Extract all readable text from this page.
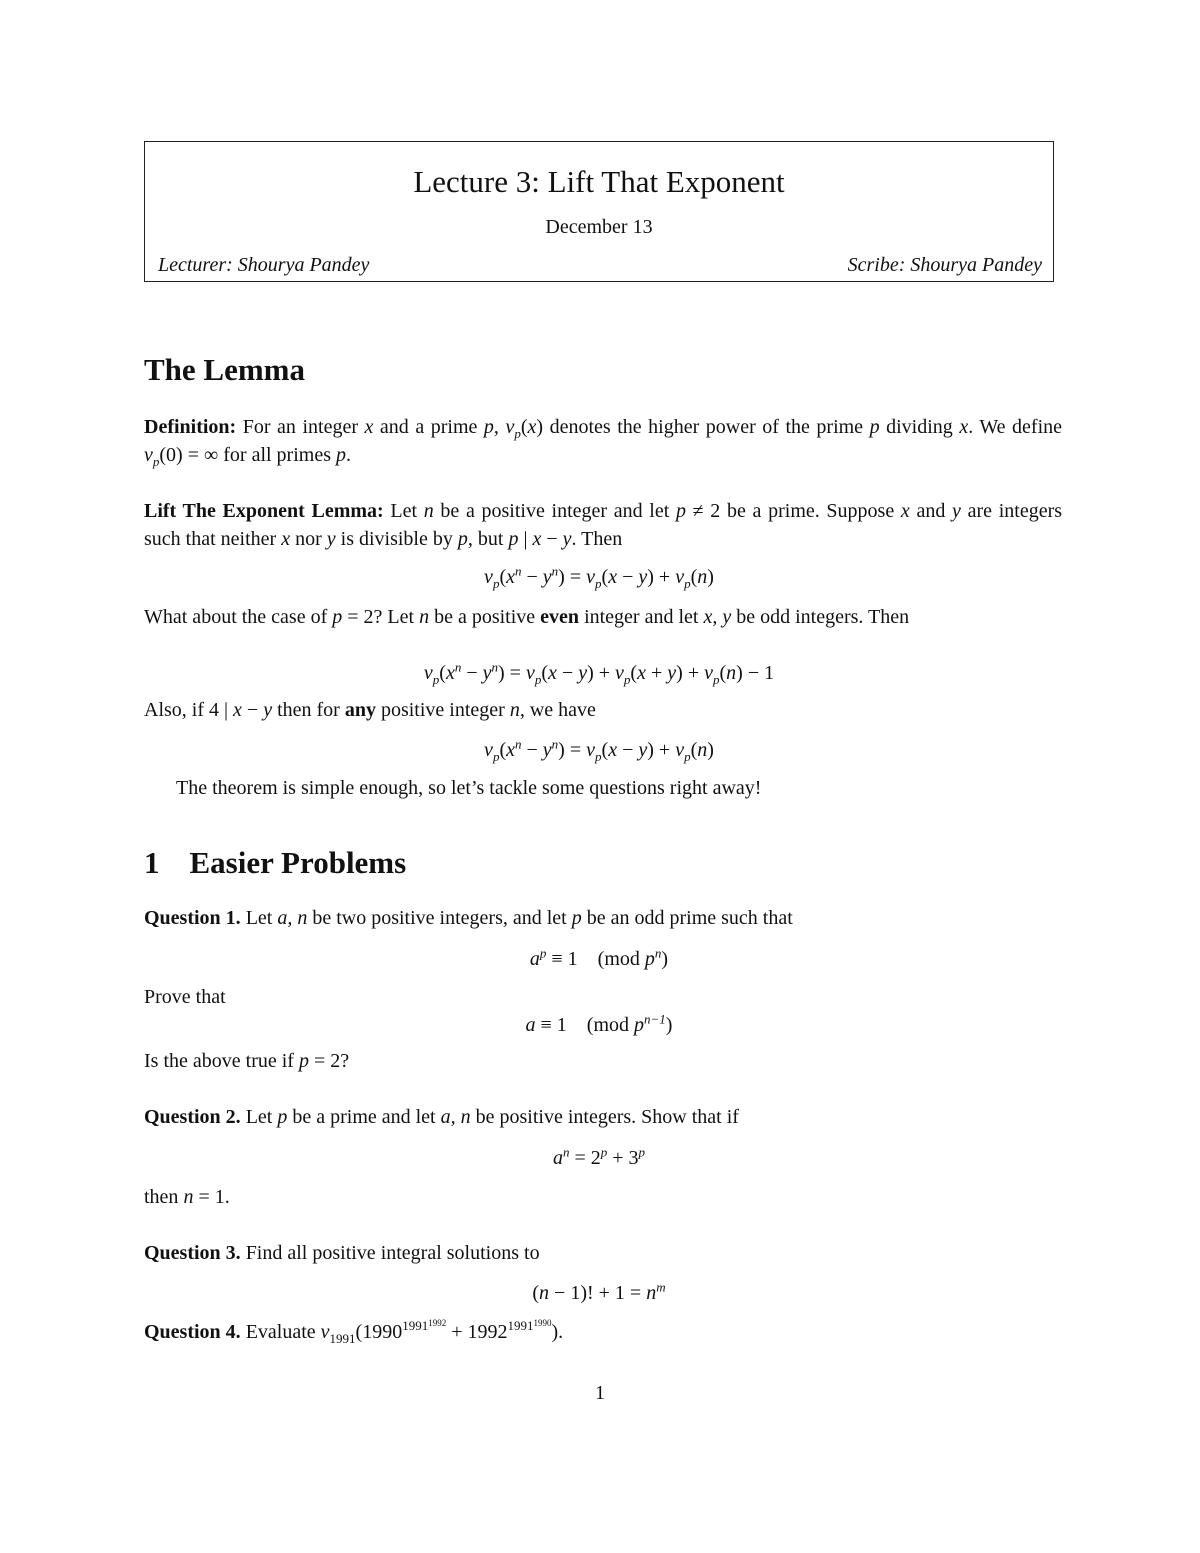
Lecture 3: Lift That Exponent
December 13
Lecturer: Shourya Pandey	Scribe: Shourya Pandey
The Lemma
Definition: For an integer x and a prime p, $v_p(x)$ denotes the higher power of the prime p dividing x. We define $v_p(0)$ = ∞ for all primes p.
Lift The Exponent Lemma: Let n be a positive integer and let p ≠ 2 be a prime. Suppose x and y are integers such that neither x nor y is divisible by p, but p | x − y. Then
$v_p(x^n - y^n) = v_p(x - y) + v_p(n)$
What about the case of p = 2? Let n be a positive even integer and let x, y be odd integers. Then
$v_p(x^n - y^n) = v_p(x - y) + v_p(x + y) + v_p(n) - 1$
Also, if 4 | x − y then for any positive integer n, we have
$v_p(x^n - y^n) = v_p(x - y) + v_p(n)$
The theorem is simple enough, so let’s tackle some questions right away!
1 Easier Problems
Question 1. Let a, n be two positive integers, and let p be an odd prime such that
$a^p \equiv 1$    (mod $p^n$)
Prove that
a ≡ 1    (mod $p^{n-1}$)
Is the above true if p = 2?
Question 2. Let p be a prime and let a, n be positive integers. Show that if
$a^n = 2^p + 3^p$
then n = 1.
Question 3. Find all positive integral solutions to
(n − 1)! + $1 = n^m$
Question 4. Evaluate $v_{1991}(1990^{1991^{1992}} + 1992^{1991^{1990}})$.
1
